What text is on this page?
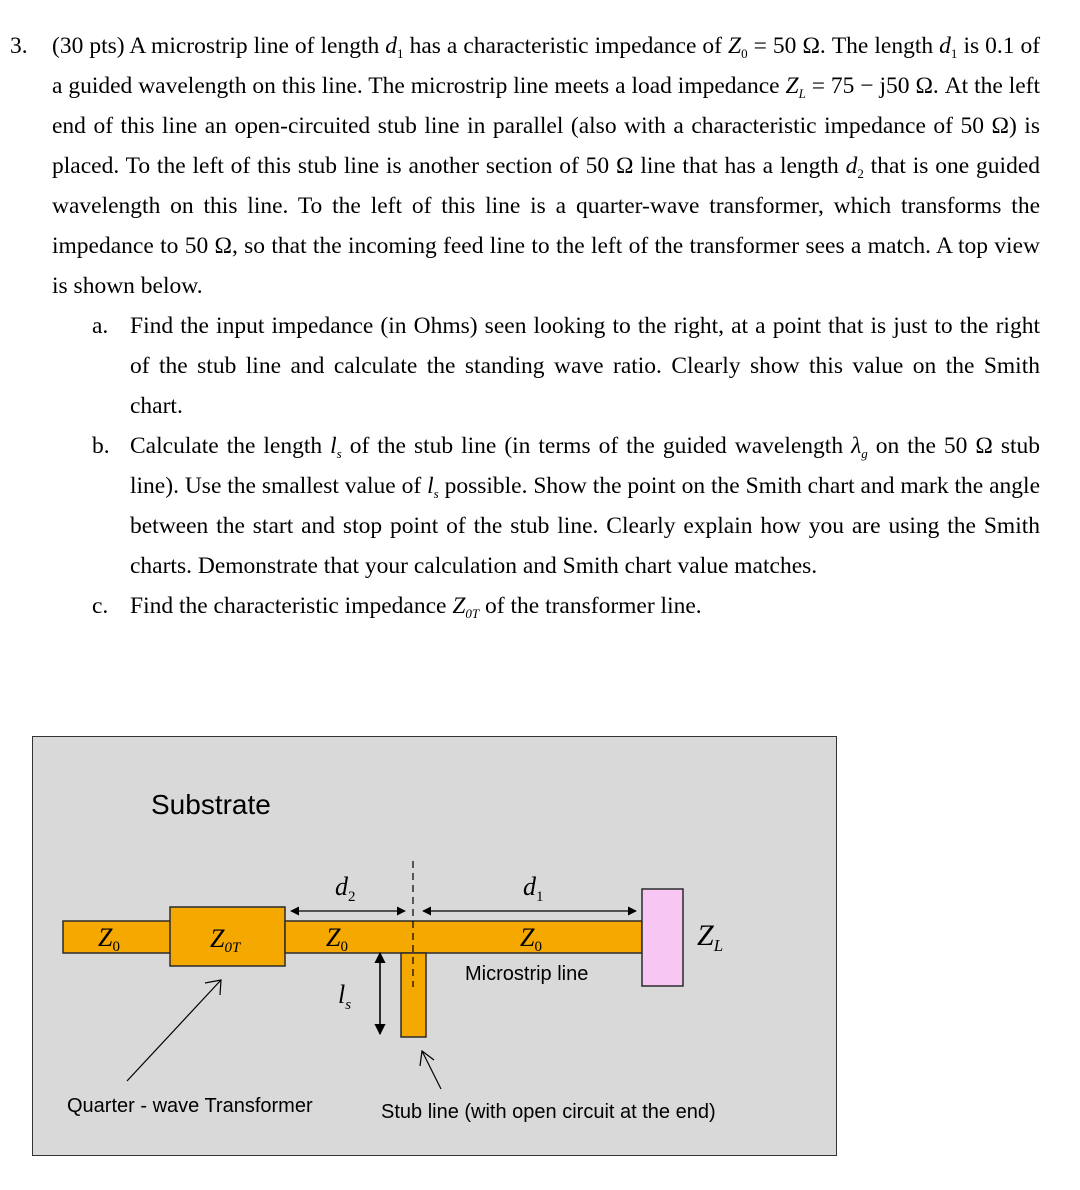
3. (30 pts) A microstrip line of length $d_1$ has a characteristic impedance of $Z_0 = 50$ Ω. The length $d_1$ is 0.1 of a guided wavelength on this line. The microstrip line meets a load impedance $Z_L = 75 - j50$ Ω. At the left end of this line an open-circuited stub line in parallel (also with a characteristic impedance of 50 Ω) is placed. To the left of this stub line is another section of 50 Ω line that has a length $d_2$ that is one guided wavelength on this line. To the left of this line is a quarter-wave transformer, which transforms the impedance to 50 Ω, so that the incoming feed line to the left of the transformer sees a match. A top view is shown below.
a. Find the input impedance (in Ohms) seen looking to the right, at a point that is just to the right of the stub line and calculate the standing wave ratio. Clearly show this value on the Smith chart.
b. Calculate the length $l_s$ of the stub line (in terms of the guided wavelength $\lambda_g$ on the 50 Ω stub line). Use the smallest value of $l_s$ possible. Show the point on the Smith chart and mark the angle between the start and stop point of the stub line. Clearly explain how you are using the Smith charts. Demonstrate that your calculation and Smith chart value matches.
c. Find the characteristic impedance $Z_{0T}$ of the transformer line.
Substrate
Z0	Z0T	Z0	Z0	$Z_L$
$d_2$	$d_1$
$l_s$
Microstrip line
Quarter - wave Transformer	Stub line (with open circuit at the end)
